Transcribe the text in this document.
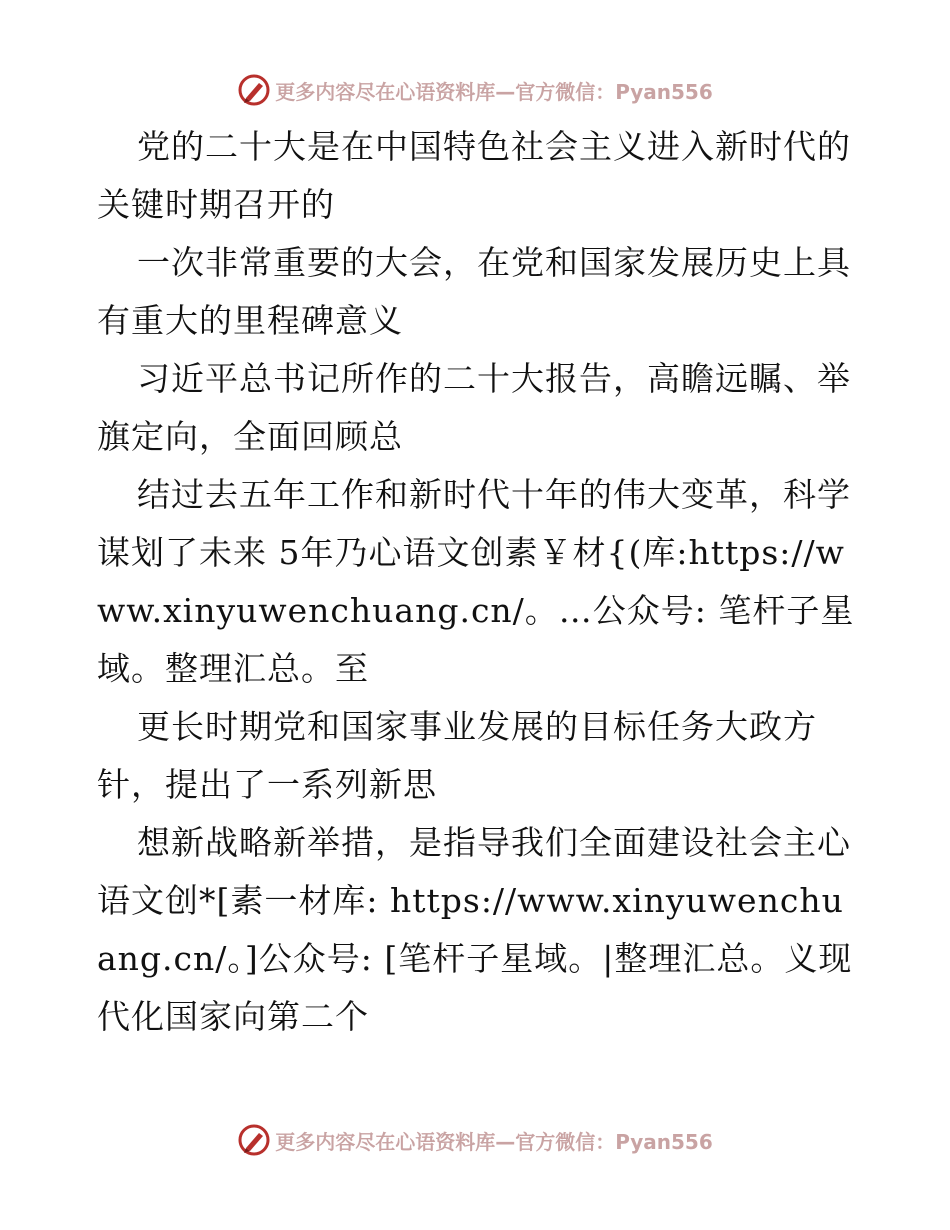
更多内容尽在心语资料库—官方微信：Pyan556

党的二十大是在中国特色社会主义进入新时代的关键时期召开的

一次非常重要的大会，在党和国家发展历史上具有重大的里程碑意义

习近平总书记所作的二十大报告，高瞻远瞩、举旗定向，全面回顾总

结过去五年工作和新时代十年的伟大变革，科学谋划了未来 5年乃心语文创素￥材{(库:https://www.xinyuwenchuang.cn/。…公众号: 笔杆子星域。整理汇总。至

更长时期党和国家事业发展的目标任务大政方针，提出了一系列新思

想新战略新举措，是指导我们全面建设社会主心语文创*[素一材库: https://www.xinyuwenchuang.cn/。]公众号: [笔杆子星域。|整理汇总。义现代化国家向第二个

更多内容尽在心语资料库—官方微信：Pyan556
